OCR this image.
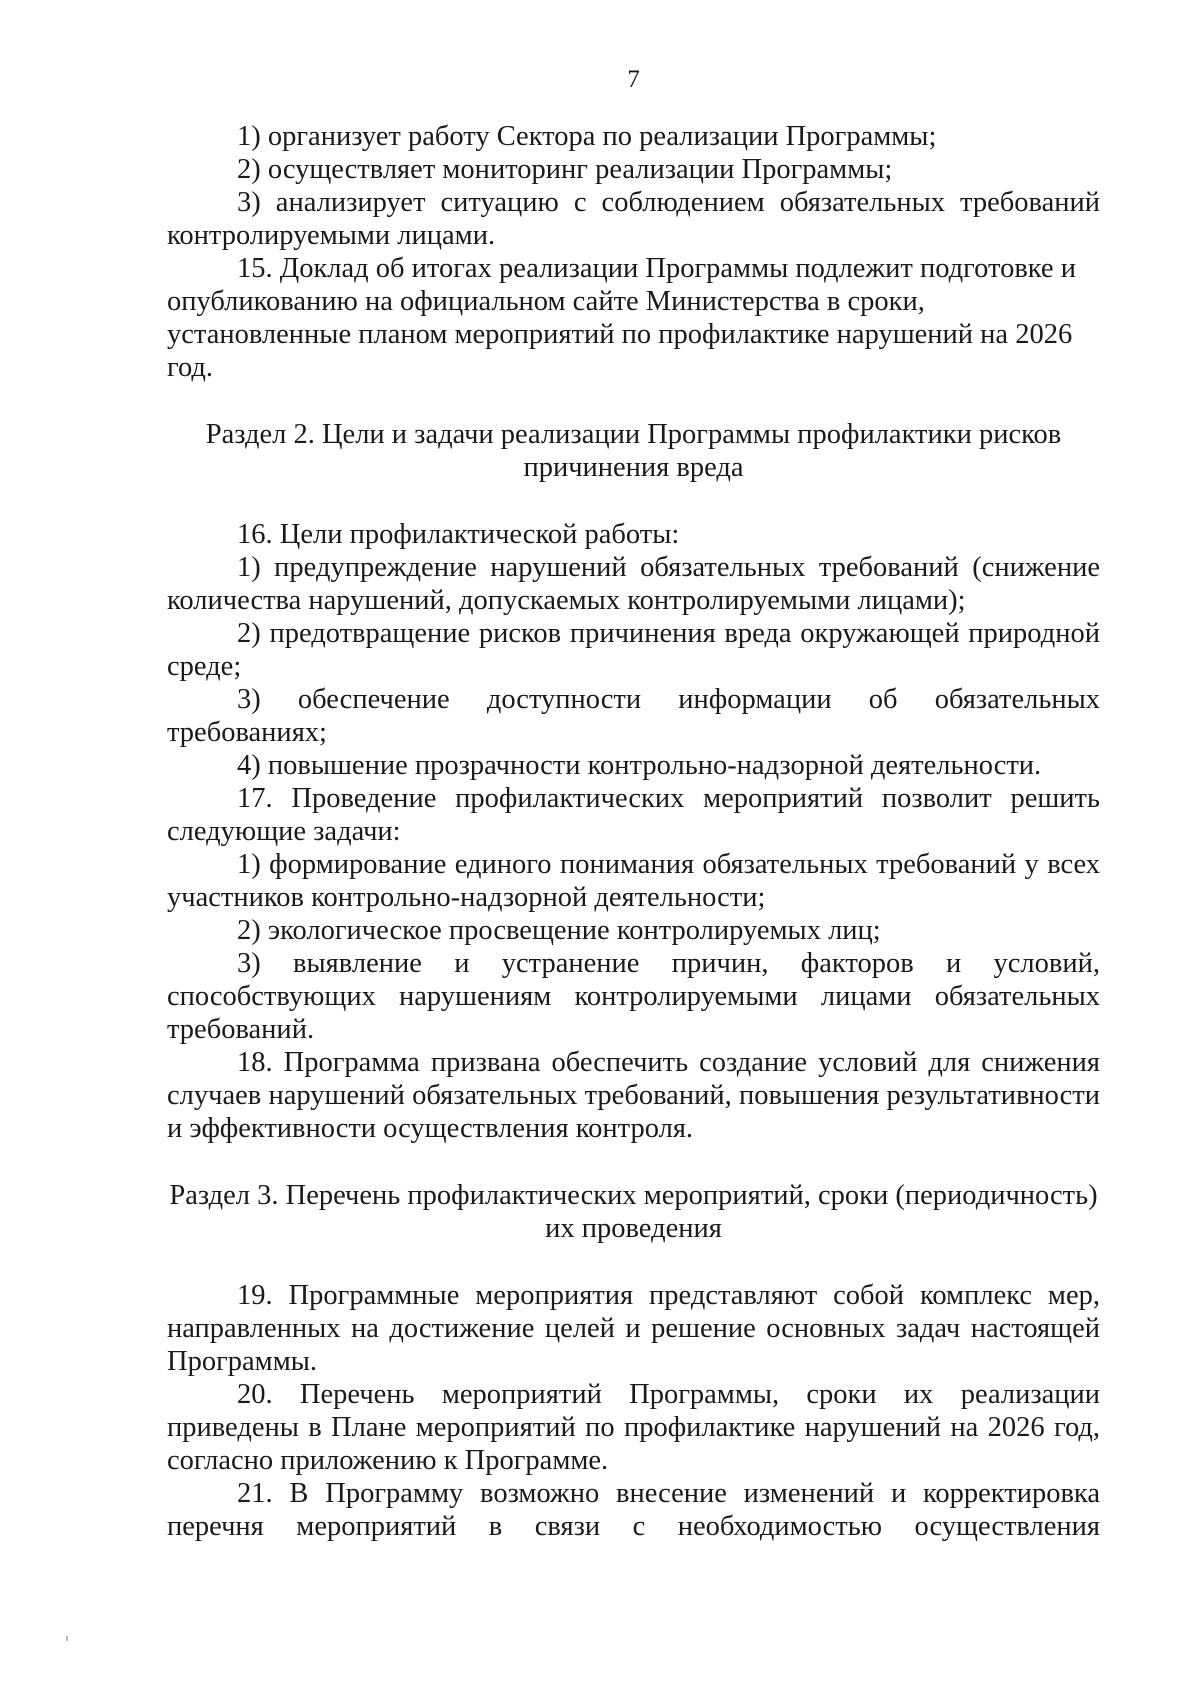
7

1) организует работу Сектора по реализации Программы;

2) осуществляет мониторинг реализации Программы;

3) анализирует ситуацию с соблюдением обязательных требований контролируемыми лицами.

15. Доклад об итогах реализации Программы подлежит подготовке и опубликованию на официальном сайте Министерства в сроки, установленные планом мероприятий по профилактике нарушений на 2026 год.

Раздел 2. Цели и задачи реализации Программы профилактики рисков
причинения вреда

16. Цели профилактической работы:

1) предупреждение нарушений обязательных требований (снижение количества нарушений, допускаемых контролируемыми лицами);

2) предотвращение рисков причинения вреда окружающей природной среде;

3) обеспечение доступности информации об обязательных требованиях;

4) повышение прозрачности контрольно-надзорной деятельности.

17. Проведение профилактических мероприятий позволит решить следующие задачи:

1) формирование единого понимания обязательных требований у всех участников контрольно-надзорной деятельности;

2) экологическое просвещение контролируемых лиц;

3) выявление и устранение причин, факторов и условий, способствующих нарушениям контролируемыми лицами обязательных требований.

18. Программа призвана обеспечить создание условий для снижения случаев нарушений обязательных требований, повышения результативности и эффективности осуществления контроля.

Раздел 3. Перечень профилактических мероприятий, сроки (периодичность)
их проведения

19. Программные мероприятия представляют собой комплекс мер, направленных на достижение целей и решение основных задач настоящей Программы.

20. Перечень мероприятий Программы, сроки их реализации приведены в Плане мероприятий по профилактике нарушений на 2026 год, согласно приложению к Программе.

21. В Программу возможно внесение изменений и корректировка перечня мероприятий в связи с необходимостью осуществления
